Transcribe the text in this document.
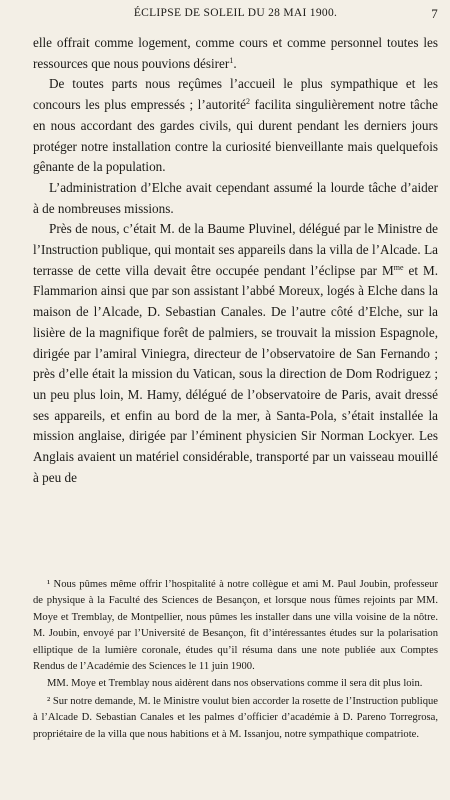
ÉCLIPSE DE SOLEIL DU 28 MAI 1900.	7

elle offrait comme logement, comme cours et comme personnel toutes les ressources que nous pouvions désirer$^1$.

De toutes parts nous reçûmes l’accueil le plus sympathique et les concours les plus empressés ; l’autorité$^2$ facilita singulièrement notre tâche en nous accordant des gardes civils, qui durent pendant les derniers jours protéger notre installation contre la curiosité bienveillante mais quelquefois gênante de la population.

L’administration d’Elche avait cependant assumé la lourde tâche d’aider à de nombreuses missions.

Près de nous, c’était M. de la Baume Pluvinel, délégué par le Ministre de l’Instruction publique, qui montait ses appareils dans la villa de l’Alcade. La terrasse de cette villa devait être occupée pendant l’éclipse par $M^{me}$ et M. Flammarion ainsi que par son assistant l’abbé Moreux, logés à Elche dans la maison de l’Alcade, D. Sebastian Canales. De l’autre côté d’Elche, sur la lisière de la magnifique forêt de palmiers, se trouvait la mission Espagnole, dirigée par l’amiral Viniegra, directeur de l’observatoire de San Fernando ; près d’elle était la mission du Vatican, sous la direction de Dom Rodriguez ; un peu plus loin, M. Hamy, délégué de l’observatoire de Paris, avait dressé ses appareils, et enfin au bord de la mer, à Santa-Pola, s’était installée la mission anglaise, dirigée par l’éminent physicien Sir Norman Lockyer. Les Anglais avaient un matériel considérable, transporté par un vaisseau mouillé à peu de

¹ Nous pûmes même offrir l’hospitalité à notre collègue et ami M. Paul Joubin, professeur de physique à la Faculté des Sciences de Besançon, et lorsque nous fûmes rejoints par MM. Moye et Tremblay, de Montpellier, nous pûmes les installer dans une villa voisine de la nôtre. M. Joubin, envoyé par l’Université de Besançon, fit d’intéressantes études sur la polarisation elliptique de la lumière coronale, études qu’il résuma dans une note publiée aux Comptes Rendus de l’Académie des Sciences le 11 juin 1900.

MM. Moye et Tremblay nous aidèrent dans nos observations comme il sera dit plus loin.

² Sur notre demande, M. le Ministre voulut bien accorder la rosette de l’Instruction publique à l’Alcade D. Sebastian Canales et les palmes d’officier d’académie à D. Pareno Torregrosa, propriétaire de la villa que nous habitions et à M. Issanjou, notre sympathique compatriote.
